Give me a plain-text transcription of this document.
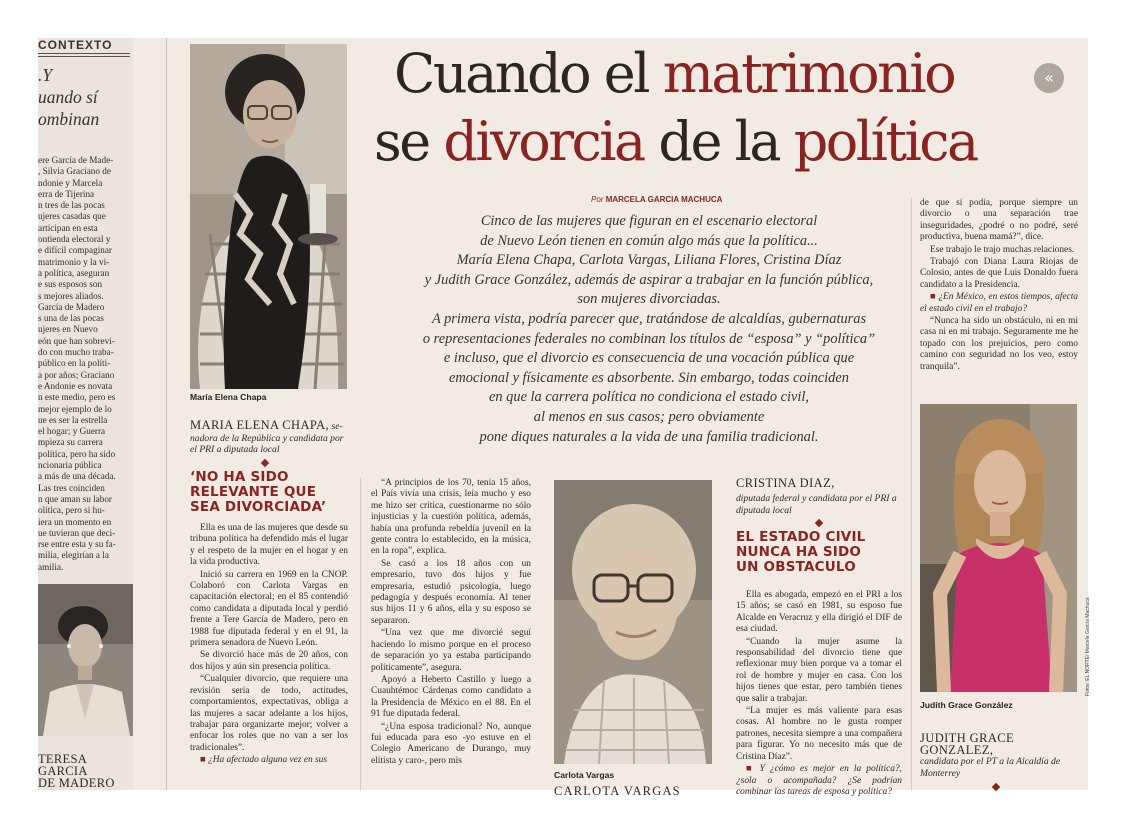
CONTEXTO
.Y
uando sí
ombinan
ere García de Made-
, Silvia Graciano de
ndonie y Marcela
erra de Tijerina
n tres de las pocas
ujeres casadas que
articipan en esta
ontienda electoral y
e difícil compaginar
matrimonio y la vi-
a política, aseguran
e sus esposos son
s mejores aliados.
García de Madero
s una de las pocas
ujeres en Nuevo
eón que han sobrevi-
do con mucho traba-
público en la políti-
a por años; Graciano
e Andonie es novata
n este medio, pero es
mejor ejemplo de lo
ue es ser la estrella
el hogar; y Guerra
mpieza su carrera
política, pero ha sido
ncionaria pública
a más de una década.
Las tres coinciden
n que aman su labor
olítica, pero si hu-
iera un momento en
ue tuvieran que deci-
rse entre esta y su fa-
milia, elegirían a la
amilia.
TERESA
GARCIA
DE MADERO
María Elena Chapa
Cuando el matrimonio
se divorcia de la política
«
Por MARCELA GARCIA MACHUCA
Cinco de las mujeres que figuran en el escenario electoral
de Nuevo León tienen en común algo más que la política...
María Elena Chapa, Carlota Vargas, Liliana Flores, Cristina Díaz
y Judith Grace González, además de aspirar a trabajar en la función pública,
son mujeres divorciadas.
A primera vista, podría parecer que, tratándose de alcaldías, gubernaturas
o representaciones federales no combinan los títulos de “esposa” y “política”
e incluso, que el divorcio es consecuencia de una vocación pública que
emocional y físicamente es absorbente. Sin embargo, todas coinciden
en que la carrera política no condiciona el estado civil,
al menos en sus casos; pero obviamente
pone diques naturales a la vida de una familia tradicional.
MARIA ELENA CHAPA, se- nadora de la República y candidata por el PRI a diputada local
‘NO HA SIDO RELEVANTE QUE SEA DIVORCIADA’

Ella es una de las mujeres que desde su tribuna política ha defendido más el lugar y el respeto de la mujer en el hogar y en la vida productiva.

Inició su carrera en 1969 en la CNOP. Colaboró con Carlota Vargas en capacitación electoral; en el 85 contendió como candidata a diputada local y perdió frente a Tere García de Madero, pero en 1988 fue diputada federal y en el 91, la primera senadora de Nuevo León.

Se divorció hace más de 20 años, con dos hijos y aún sin presencia política.

“Cualquier divorcio, que requiere una revisión seria de todo, actitudes, comportamientos, expectativas, obliga a las mujeres a sacar adelante a los hijos, trabajar para organizarte mejor; volver a enfocar los roles que no van a ser los tradicionales”.

■ ¿Ha afectado alguna vez en sus

“A principios de los 70, tenía 15 años, el País vivía una crisis, leía mucho y eso me hizo ser crítica, cuestionarme no sólo injusticias y la cuestión política, además, había una profunda rebeldía juvenil en la gente contra lo establecido, en la música, en la ropa”, explica.

Se casó a los 18 años con un empresario, tuvo dos hijos y fue empresaria, estudió psicología, luego pedagogía y después economía. Al tener sus hijos 11 y 6 años, ella y su esposo se separaron.

“Una vez que me divorcié seguí haciendo lo mismo porque en el proceso de separación yo ya estaba participando políticamente”, asegura.

Apoyó a Heberto Castillo y luego a Cuauhtémoc Cárdenas como candidato a la Presidencia de México en el 88. En el 91 fue diputada federal.

“¿Una esposa tradicional? No, aunque fui educada para eso -yo estuve en el Colegio Americano de Durango, muy elitista y caro-, pero mis

Carlota Vargas
CARLOTA VARGAS
CRISTINA DIAZ,
diputada federal y candidata por el PRI a diputada local
EL ESTADO CIVIL NUNCA HA SIDO UN OBSTACULO

Ella es abogada, empezó en el PRI a los 15 años; se casó en 1981, su esposo fue Alcalde en Veracruz y ella dirigió el DIF de esa ciudad.

“Cuando la mujer asume la responsabilidad del divorcio tiene que reflexionar muy bien porque va a tomar el rol de hombre y mujer en casa. Con los hijos tienes que estar, pero también tienes que salir a trabajar.

“La mujer es más valiente para esas cosas. Al hombre no le gusta romper patrones, necesita siempre a una compañera para figurar. Yo no necesito más que de Cristina Díaz”.

■ Y ¿cómo es mejor en la política?, ¿sola o acompañada? ¿Se podrían combinar las tareas de esposa y política?

de que sí podía, porque siempre un divorcio o una separación trae inseguridades, ¿podré o no podré, seré productiva, buena mamá?”, dice.

Ese trabajo le trajo muchas relaciones.

Trabajó con Diana Laura Riojas de Colosio, antes de que Luis Donaldo fuera candidato a la Presidencia.

■ ¿En México, en estos tiempos, afecta el estado civil en el trabajo?

“Nunca ha sido un obstáculo, ni en mi casa ni en mi trabajo. Seguramente me he topado con los prejuicios, pero como camino con seguridad no los veo, estoy tranquila”.

Fotos: EL NORTE/ Marcela García Machuca
Judith Grace González
JUDITH GRACE
GONZALEZ,
candidata por el PT a la Alcaldía de Monterrey
